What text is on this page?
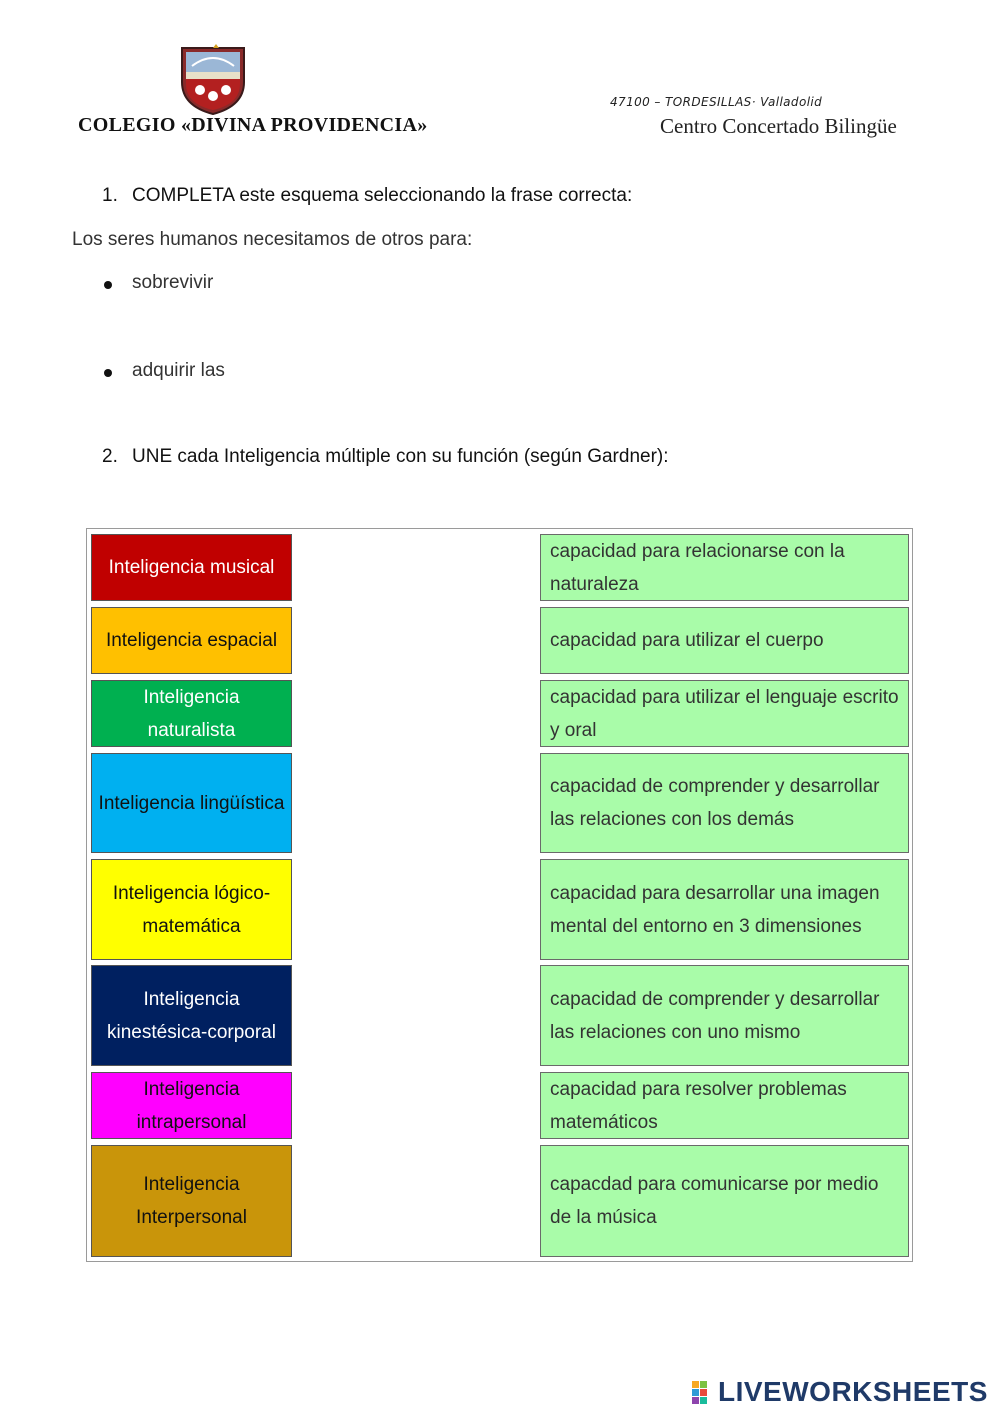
COLEGIO «DIVINA PROVIDENCIA»
47100 – TORDESILLAS· Valladolid
Centro Concertado Bilingüe
1. COMPLETA este esquema seleccionando la frase correcta:
Los seres humanos necesitamos de otros para:
sobrevivir
adquirir las
2. UNE cada Inteligencia múltiple con su función (según Gardner):
Inteligencia musical
Inteligencia espacial
Inteligencia naturalista
Inteligencia lingüística
Inteligencia lógico-matemática
Inteligencia kinestésica-corporal
Inteligencia intrapersonal
Inteligencia Interpersonal
capacidad para relacionarse con la naturaleza
capacidad para utilizar el cuerpo
capacidad para utilizar el lenguaje escrito y oral
capacidad de comprender y desarrollar las relaciones con los demás
capacidad para desarrollar una imagen mental del entorno en 3 dimensiones
capacidad de comprender y desarrollar las relaciones con uno mismo
capacidad para resolver problemas matemáticos
capacdad para comunicarse por medio de la música
LIVEWORKSHEETS
